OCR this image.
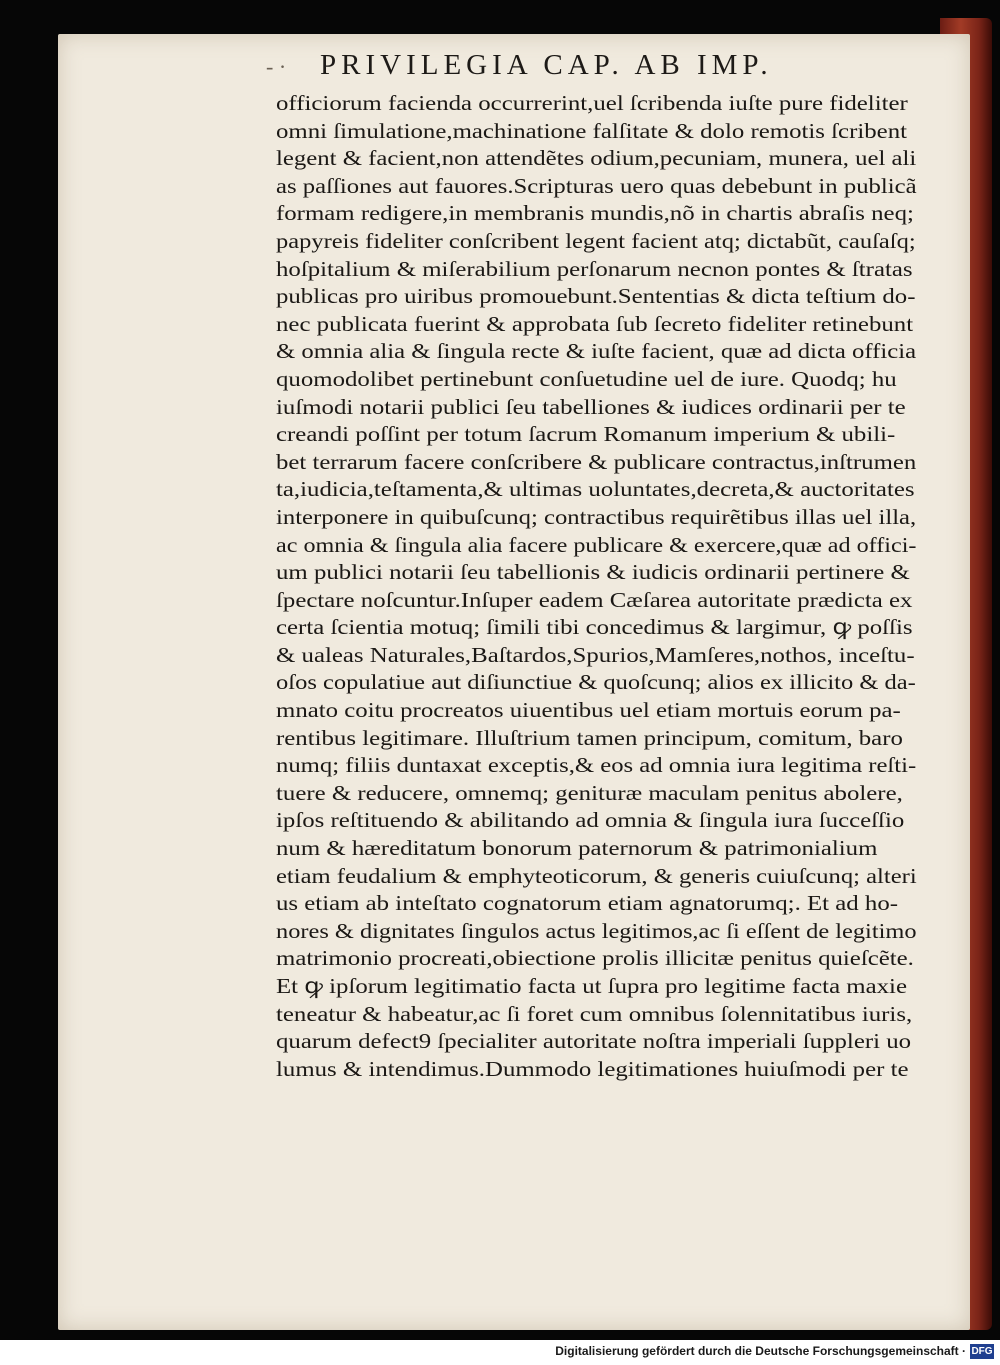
- · PRIVILEGIA CAP. AB IMP.
officiorum facienda occurrerint,uel ſcribenda iuſte pure fideliter
omni ſimulatione,machinatione falſitate & dolo remotis ſcribent
legent & facient,non attendẽtes odium,pecuniam, munera, uel ali
as paſſiones aut fauores.Scripturas uero quas debebunt in publicã
formam redigere,in membranis mundis,nõ in chartis abraſis neq;
papyreis fideliter conſcribent legent facient atq; dictabũt, cauſaſq;
hoſpitalium & miſerabilium perſonarum necnon pontes & ſtratas
publicas pro uiribus promouebunt.Sententias & dicta teſtium do-
nec publicata fuerint & approbata ſub ſecreto fideliter retinebunt
& omnia alia & ſingula recte & iuſte facient, quæ ad dicta officia
quomodolibet pertinebunt conſuetudine uel de iure. Quodq; hu
iuſmodi notarii publici ſeu tabelliones & iudices ordinarii per te
creandi poſſint per totum ſacrum Romanum imperium & ubili-
bet terrarum facere conſcribere & publicare contractus,inſtrumen
ta,iudicia,teſtamenta,& ultimas uoluntates,decreta,& auctoritates
interponere in quibuſcunq; contractibus requirẽtibus illas uel illa,
ac omnia & ſingula alia facere publicare & exercere,quæ ad offici-
um publici notarii ſeu tabellionis & iudicis ordinarii pertinere &
ſpectare noſcuntur.Inſuper eadem Cæſarea autoritate prædicta ex
certa ſcientia motuq; ſimili tibi concedimus & largimur, ꝙ poſſis
& ualeas Naturales,Baſtardos,Spurios,Mamſeres,nothos, inceſtu-
oſos copulatiue aut diſiunctiue & quoſcunq; alios ex illicito & da-
mnato coitu procreatos uiuentibus uel etiam mortuis eorum pa-
rentibus legitimare. Illuſtrium tamen principum, comitum, baro
numq; filiis duntaxat exceptis,& eos ad omnia iura legitima reſti-
tuere & reducere, omnemq; genituræ maculam penitus abolere,
ipſos reſtituendo & abilitando ad omnia & ſingula iura ſucceſſio
num & hæreditatum bonorum paternorum & patrimonialium
etiam feudalium & emphyteoticorum, & generis cuiuſcunq; alteri
us etiam ab inteſtato cognatorum etiam agnatorumq;. Et ad ho-
nores & dignitates ſingulos actus legitimos,ac ſi eſſent de legitimo
matrimonio procreati,obiectione prolis illicitæ penitus quieſcẽte.
Et ꝙ ipſorum legitimatio facta ut ſupra pro legitime facta maxie
teneatur & habeatur,ac ſi foret cum omnibus ſolennitatibus iuris,
quarum defect9 ſpecialiter autoritate noſtra imperiali ſuppleri uo
lumus & intendimus.Dummodo legitimationes huiuſmodi per te
Digitalisierung gefördert durch die Deutsche Forschungsgemeinschaft · DFG
